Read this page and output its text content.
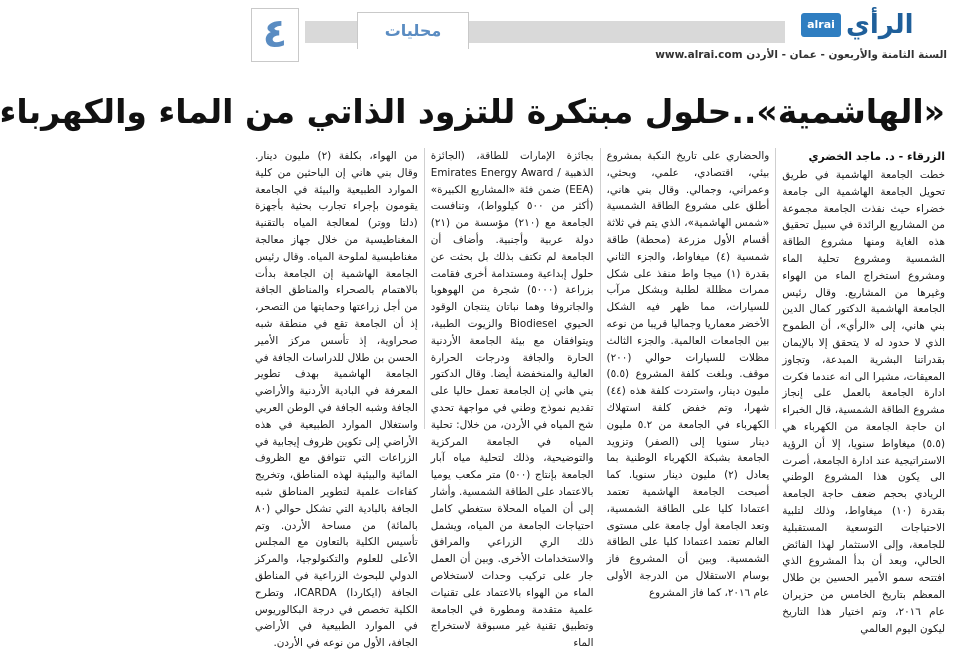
الرأي
alrai
السنة الثامنة والأربعون - عمان - الأردن www.alrai.com
محليات
٤
«الهاشمية»..حلول مبتكرة للتزود الذاتي من الماء والكهرباء
الزرقاء - د. ماجد الخضري

خطت الجامعة الهاشمية في طريق تحويل الجامعة الهاشمية الى جامعة خضراء حيث نفذت الجامعة مجموعة من المشاريع الرائدة في سبيل تحقيق هذه الغاية ومنها مشروع الطاقة الشمسية ومشروع تحلية الماء ومشروع استخراج الماء من الهواء وغيرها من المشاريع. وقال رئيس الجامعة الهاشمية الدكتور كمال الدين بني هاني، إلى «الرأي»، أن الطموح الذي لا حدود له لا يتحقق إلا بالإيمان بقدراتنا البشرية المبدعة، وتجاوز المعيقات، مشيرا الى انه عندما فكرت ادارة الجامعة بالعمل على إنجاز مشروع الطاقة الشمسية، قال الخبراء ان حاجة الجامعة من الكهرباء هي (٥.٥) ميغاواط سنويا، إلا أن الرؤية الاستراتيجية عند ادارة الجامعة، أصرت الى يكون هذا المشروع الوطني الريادي بحجم ضعف حاجة الجامعة بقدرة (١٠) ميغاواط، وذلك لتلبية الاحتياجات التوسعية المستقبلية للجامعة، وإلى الاستثمار لهذا الفائض الحالي، وبعد أن بدأ المشروع الذي افتتحه سمو الأمير الحسين بن طلال المعظم بتاريخ الخامس من حزيران عام ٢٠١٦، وتم اختيار هذا التاريخ ليكون اليوم العالمي

والحضاري على تاريخ النكبة بمشروع بيئي، اقتصادي، علمي، وبحثي، وعمراني، وجمالي. وقال بني هاني، أطلق على مشروع الطاقة الشمسية «شمس الهاشمية»، الذي يتم في ثلاثة أقسام الأول مزرعة (محطة) طاقة شمسية (٤) ميغاواط، والجزء الثاني بقدرة (١) ميجا واط منفذ على شكل ممرات مظللة لطلبة وبشكل مرآب للسيارات، مما ظهر فيه الشكل الأخضر معماريا وجماليا قريبا من نوعه بين الجامعات العالمية. والجزء الثالث مظلات للسيارات حوالي (٢٠٠) موقف. وبلغت كلفة المشروع (٥.٥) مليون دينار، واستردت كلفة هذه (٤٤) شهرا، وتم خفض كلفة استهلاك الكهرباء في الجامعة من ٥.٢ مليون دينار سنويا إلى (الصفر) وتزويد الجامعة بشبكة الكهرباء الوطنية بما يعادل (٢) مليون دينار سنويا. كما أصبحت الجامعة الهاشمية تعتمد اعتمادا كليا على الطاقة الشمسية، وتعد الجامعة أول جامعة على مستوى العالم تعتمد اعتمادا كليا على الطاقة الشمسية. وبين أن المشروع فاز بوسام الاستقلال من الدرجة الأولى عام ٢٠١٦، كما فاز المشروع

بجائزة الإمارات للطاقة، (الجائزة الذهبية / Emirates Energy Award (EEA) ضمن فئة «المشاريع الكبيرة» (أكثر من ٥٠٠ كيلوواط)، وتنافست الجامعة مع (٢١٠) مؤسسة من (٢١) دولة عربية وأجنبية. وأضاف أن الجامعة لم تكتف بذلك بل بحثت عن حلول إبداعية ومستدامة أخرى فقامت بزراعة (٥٠٠٠) شجرة من الهوهوبا والجاتروفا وهما نباتان ينتجان الوقود الحيوي Biodiesel والزيوت الطبية، ويتوافقان مع بيئة الجامعة الأردنية الحارة والجافة ودرجات الحرارة العالية والمنخفضة أيضا. وقال الدكتور بني هاني إن الجامعة تعمل حاليا على تقديم نموذج وطني في مواجهة تحدي شح المياه في الأردن، من خلال: تحلية المياه في الجامعة المركزية والتوضيحية، وذلك لتحلية مياه آبار الجامعة بإنتاج (٥٠٠) متر مكعب يوميا بالاعتماد على الطاقة الشمسية. وأشار إلى أن المياه المحلاة ستغطي كامل احتياجات الجامعة من المياه، ويشمل ذلك الري الزراعي والمرافق والاستخدامات الأخرى. وبين أن العمل جار على تركيب وحدات لاستخلاص الماء من الهواء بالاعتماد على تقنيات علمية متقدمة ومطورة في الجامعة وتطبيق تقنية غير مسبوقة لاستخراج الماء

من الهواء، بكلفة (٢) مليون دينار. وقال بني هاني إن الباحثين من كلية الموارد الطبيعية والبيئة في الجامعة يقومون بإجراء تجارب بحثية بأجهزة (دلتا ووتر) لمعالجة المياه بالتقنية المغناطيسية من خلال جهاز معالجة مغناطيسية لملوحة المياه. وقال رئيس الجامعة الهاشمية إن الجامعة بدأت بالاهتمام بالصحراء والمناطق الجافة من أجل زراعتها وحمايتها من التصحر، إذ أن الجامعة تقع في منطقة شبه صحراوية، إذ تأسس مركز الأمير الحسن بن طلال للدراسات الجافة في الجامعة الهاشمية بهدف تطوير المعرفة في البادية الأردنية والأراضي الجافة وشبه الجافة في الوطن العربي واستغلال الموارد الطبيعية في هذه الأراضي إلى تكوين ظروف إيجابية في الزراعات التي تتوافق مع الظروف المائية والبيئية لهذه المناطق، وتخريج كفاءات علمية لتطوير المناطق شبه الجافة بالبادية التي تشكل حوالي (٨٠ بالمائة) من مساحة الأردن. وتم تأسيس الكلية بالتعاون مع المجلس الأعلى للعلوم والتكنولوجيا، والمركز الدولي للبحوث الزراعية في المناطق الجافة (ايكاردا) ICARDA، وتطرح الكلية تخصص في درجة البكالوريوس في الموارد الطبيعية في الأراضي الجافة، الأول من نوعه في الأردن.
